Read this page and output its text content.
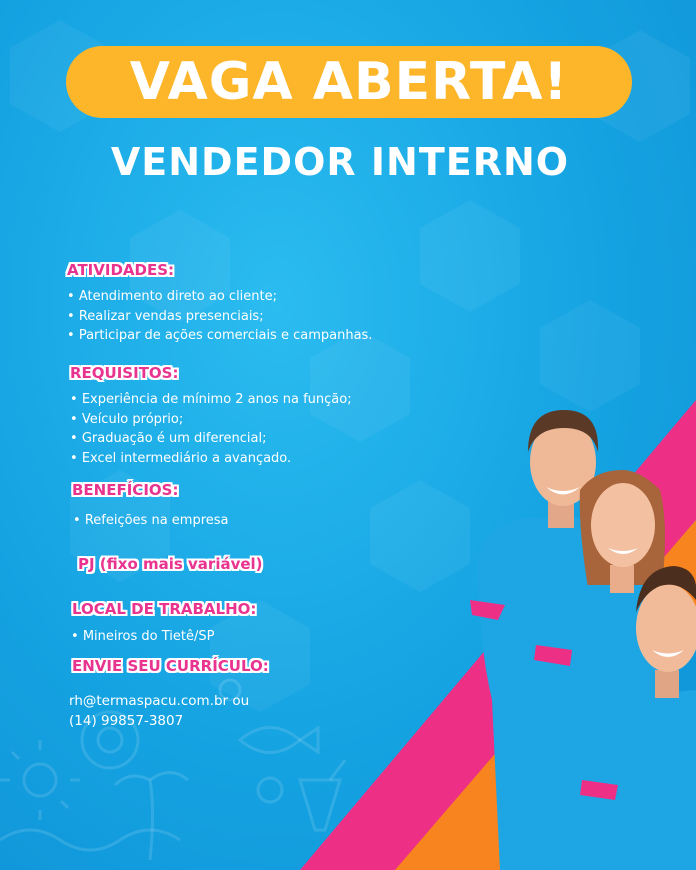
VAGA ABERTA!
VENDEDOR INTERNO
ATIVIDADES:
• Atendimento direto ao cliente;
• Realizar vendas presenciais;
• Participar de ações comerciais e campanhas.
REQUISITOS:
• Experiência de mínimo 2 anos na função;
• Veículo próprio;
• Graduação é um diferencial;
• Excel intermediário a avançado.
BENEFÍCIOS:
• Refeições na empresa
PJ (fixo mais variável)
LOCAL DE TRABALHO:
• Mineiros do Tietê/SP
ENVIE SEU CURRÍCULO:
rh@termaspacu.com.br ou
(14) 99857-3807
